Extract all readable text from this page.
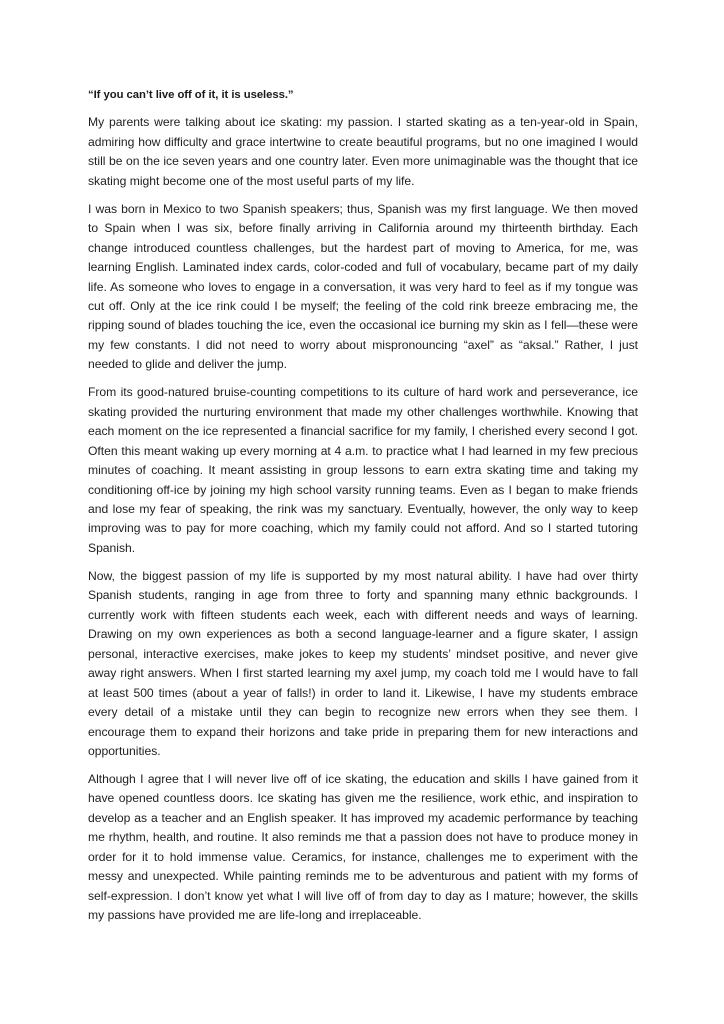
“If you can’t live off of it, it is useless.”

My parents were talking about ice skating: my passion. I started skating as a ten-year-old in Spain, admiring how difficulty and grace intertwine to create beautiful programs, but no one imagined I would still be on the ice seven years and one country later. Even more unimaginable was the thought that ice skating might become one of the most useful parts of my life.

I was born in Mexico to two Spanish speakers; thus, Spanish was my first language. We then moved to Spain when I was six, before finally arriving in California around my thirteenth birthday. Each change introduced countless challenges, but the hardest part of moving to America, for me, was learning English. Laminated index cards, color-coded and full of vocabulary, became part of my daily life. As someone who loves to engage in a conversation, it was very hard to feel as if my tongue was cut off. Only at the ice rink could I be myself; the feeling of the cold rink breeze embracing me, the ripping sound of blades touching the ice, even the occasional ice burning my skin as I fell—these were my few constants. I did not need to worry about mispronouncing “axel” as “aksal.” Rather, I just needed to glide and deliver the jump.

From its good-natured bruise-counting competitions to its culture of hard work and perseverance, ice skating provided the nurturing environment that made my other challenges worthwhile. Knowing that each moment on the ice represented a financial sacrifice for my family, I cherished every second I got. Often this meant waking up every morning at 4 a.m. to practice what I had learned in my few precious minutes of coaching. It meant assisting in group lessons to earn extra skating time and taking my conditioning off-ice by joining my high school varsity running teams. Even as I began to make friends and lose my fear of speaking, the rink was my sanctuary. Eventually, however, the only way to keep improving was to pay for more coaching, which my family could not afford. And so I started tutoring Spanish.

Now, the biggest passion of my life is supported by my most natural ability. I have had over thirty Spanish students, ranging in age from three to forty and spanning many ethnic backgrounds. I currently work with fifteen students each week, each with different needs and ways of learning. Drawing on my own experiences as both a second language-learner and a figure skater, I assign personal, interactive exercises, make jokes to keep my students’ mindset positive, and never give away right answers. When I first started learning my axel jump, my coach told me I would have to fall at least 500 times (about a year of falls!) in order to land it. Likewise, I have my students embrace every detail of a mistake until they can begin to recognize new errors when they see them. I encourage them to expand their horizons and take pride in preparing them for new interactions and opportunities.

Although I agree that I will never live off of ice skating, the education and skills I have gained from it have opened countless doors. Ice skating has given me the resilience, work ethic, and inspiration to develop as a teacher and an English speaker. It has improved my academic performance by teaching me rhythm, health, and routine. It also reminds me that a passion does not have to produce money in order for it to hold immense value. Ceramics, for instance, challenges me to experiment with the messy and unexpected. While painting reminds me to be adventurous and patient with my forms of self-expression. I don’t know yet what I will live off of from day to day as I mature; however, the skills my passions have provided me are life-long and irreplaceable.
